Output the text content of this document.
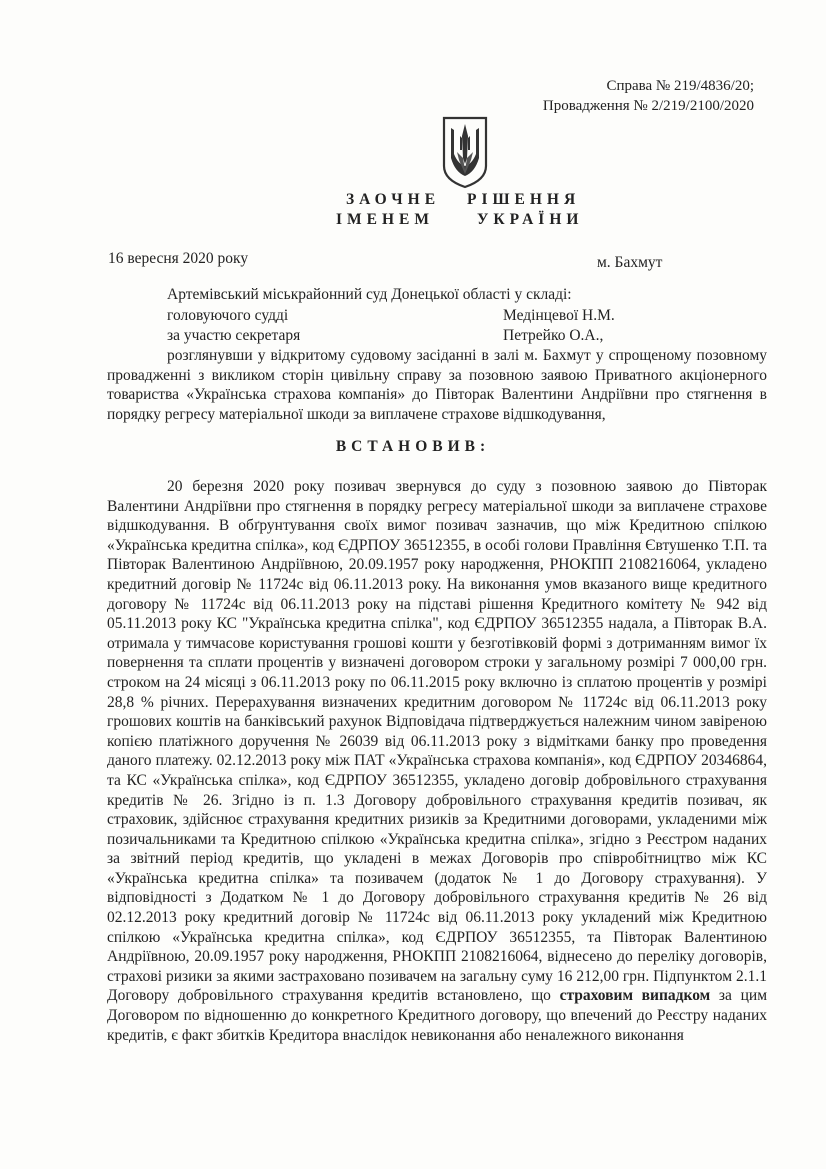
Справа № 219/4836/20;
Провадження № 2/219/2100/2020
ЗАОЧНЕ РІШЕННЯ
ІМЕНЕМ	УКРАЇНИ
16 вересня 2020 року	м. Бахмут
Артемівський міськрайонний суд Донецької області у складі:
головуючого судді	Медінцевої Н.М.
за участю секретаря	Петрейко О.А.,

розглянувши у відкритому судовому засіданні в залі м. Бахмут у спрощеному позовному провадженні з викликом сторін цивільну справу за позовною заявою Приватного акціонерного товариства «Українська страхова компанія» до Півторак Валентини Андріївни про стягнення в порядку регресу матеріальної шкоди за виплачене страхове відшкодування,

ВСТАНОВИВ:

20 березня 2020 року позивач звернувся до суду з позовною заявою до Півторак Валентини Андріївни про стягнення в порядку регресу матеріальної шкоди за виплачене страхове відшкодування. В обґрунтування своїх вимог позивач зазначив, що між Кредитною спілкою «Українська кредитна спілка», код ЄДРПОУ 36512355, в особі голови Правління Євтушенко Т.П. та Півторак Валентиною Андріївною, 20.09.1957 року народження, РНОКПП 2108216064, укладено кредитний договір № 11724с від 06.11.2013 року. На виконання умов вказаного вище кредитного договору № 11724с від 06.11.2013 року на підставі рішення Кредитного комітету № 942 від 05.11.2013 року КС "Українська кредитна спілка", код ЄДРПОУ 36512355 надала, а Півторак В.А. отримала у тимчасове користування грошові кошти у безготівковій формі з дотриманням вимог їх повернення та сплати процентів у визначені договором строки у загальному розмірі 7 000,00 грн. строком на 24 місяці з 06.11.2013 року по 06.11.2015 року включно із сплатою процентів у розмірі 28,8 % річних. Перерахування визначених кредитним договором № 11724с від 06.11.2013 року грошових коштів на банківський рахунок Відповідача підтверджується належним чином завіреною копією платіжного доручення № 26039 від 06.11.2013 року з відмітками банку про проведення даного платежу. 02.12.2013 року між ПАТ «Українська страхова компанія», код ЄДРПОУ 20346864, та КС «Українська спілка», код ЄДРПОУ 36512355, укладено договір добровільного страхування кредитів № 26. Згідно із п. 1.3 Договору добровільного страхування кредитів позивач, як страховик, здійснює страхування кредитних ризиків за Кредитними договорами, укладеними між позичальниками та Кредитною спілкою «Українська кредитна спілка», згідно з Реєстром наданих за звітний період кредитів, що укладені в межах Договорів про співробітництво між КС «Українська кредитна спілка» та позивачем (додаток № 1 до Договору страхування). У відповідності з Додатком № 1 до Договору добровільного страхування кредитів № 26 від 02.12.2013 року кредитний договір № 11724с від 06.11.2013 року укладений між Кредитною спілкою «Українська кредитна спілка», код ЄДРПОУ 36512355, та Півторак Валентиною Андріївною, 20.09.1957 року народження, РНОКПП 2108216064, віднесено до переліку договорів, страхові ризики за якими застраховано позивачем на загальну суму 16 212,00 грн. Підпунктом 2.1.1 Договору добровільного страхування кредитів встановлено, що страховим випадком за цим Договором по відношенню до конкретного Кредитного договору, що впечений до Реєстру наданих кредитів, є факт збитків Кредитора внаслідок невиконання або неналежного виконання
